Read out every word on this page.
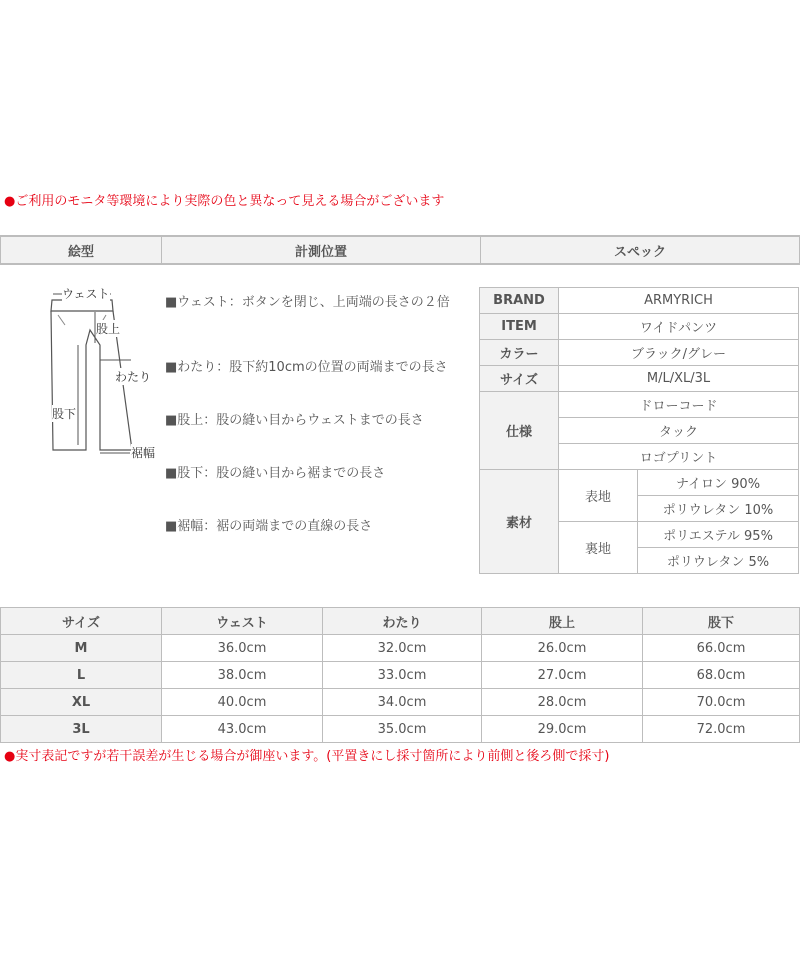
●ご利用のモニタ等環境により実際の色と異なって見える場合がございます
絵型	計測位置	スペック
ウェスト
股上
わたり
股下
裾幅
■ウェスト：ボタンを閉じ、上両端の長さの２倍
■わたり：股下約10cmの位置の両端までの長さ
■股上：股の縫い目からウェストまでの長さ
■股下：股の縫い目から裾までの長さ
■裾幅：裾の両端までの直線の長さ
BRAND	ARMYRICH	
ITEM	ワイドパンツ	
カラー	ブラック/グレー	
サイズ	M/L/XL/3L	
仕様	ドローコード	
	タック	
	ロゴプリント	
素材	表地	ナイロン 90%
		ポリウレタン 10%
	裏地	ポリエステル 95%
		ポリウレタン 5%
サイズ	ウェスト	わたり	股上	股下
M	36.0cm	32.0cm	26.0cm	66.0cm
L	38.0cm	33.0cm	27.0cm	68.0cm
XL	40.0cm	34.0cm	28.0cm	70.0cm
3L	43.0cm	35.0cm	29.0cm	72.0cm
●実寸表記ですが若干誤差が生じる場合が御座います。(平置きにし採寸箇所により前側と後ろ側で採寸)
